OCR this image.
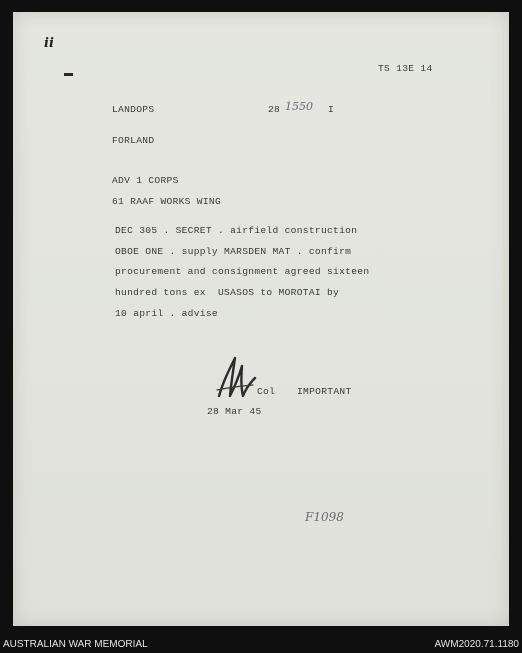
ii
TS 13E 14
LANDOPS	28 1550 I
FORLAND
ADV 1 CORPS
61 RAAF WORKS WING
DEC 305 . SECRET . airfield construction
OBOE ONE . supply MARSDEN MAT . confirm
procurement and consignment agreed sixteen
hundred tons ex  USASOS to MOROTAI by
10 april . advise
Col IMPORTANT
28 Mar 45
F1098
AUSTRALIAN WAR MEMORIAL	AWM2020.71.1180
